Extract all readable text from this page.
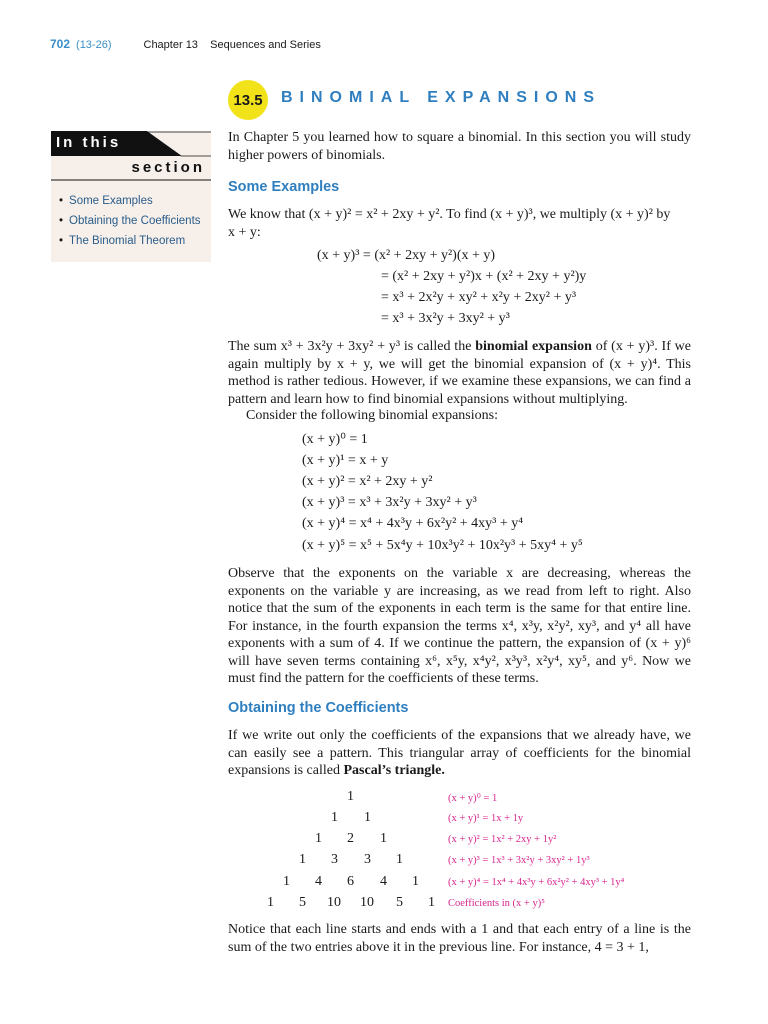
702 (13-26)	Chapter 13    Sequences and Series
13.5 BINOMIAL EXPANSIONS
In this
section
• Some Examples
• Obtaining the Coefficients
• The Binomial Theorem
In Chapter 5 you learned how to square a binomial. In this section you will study higher powers of binomials.
Some Examples
We know that (x + y)² = x² + 2xy + y². To find (x + y)³, we multiply (x + y)² by
x + y:
(x + y)³ = (x² + 2xy + y²)(x + y)
= (x² + 2xy + y²)x + (x² + 2xy + y²)y
= x³ + 2x²y + xy² + x²y + 2xy² + y³
= x³ + 3x²y + 3xy² + y³
The sum x³ + 3x²y + 3xy² + y³ is called the binomial expansion of (x + y)³. If we again multiply by x + y, we will get the binomial expansion of (x + y)⁴. This method is rather tedious. However, if we examine these expansions, we can find a pattern and learn how to find binomial expansions without multiplying.
Consider the following binomial expansions:
(x + y)⁰ = 1
(x + y)¹ = x + y
(x + y)² = x² + 2xy + y²
(x + y)³ = x³ + 3x²y + 3xy² + y³
(x + y)⁴ = x⁴ + 4x³y + 6x²y² + 4xy³ + y⁴
(x + y)⁵ = x⁵ + 5x⁴y + 10x³y² + 10x²y³ + 5xy⁴ + y⁵
Observe that the exponents on the variable x are decreasing, whereas the exponents on the variable y are increasing, as we read from left to right. Also notice that the sum of the exponents in each term is the same for that entire line. For instance, in the fourth expansion the terms x⁴, x³y, x²y², xy³, and y⁴ all have exponents with a sum of 4. If we continue the pattern, the expansion of (x + y)⁶ will have seven terms containing x⁶, x⁵y, x⁴y², x³y³, x²y⁴, xy⁵, and y⁶. Now we must find the pattern for the coefficients of these terms.
Obtaining the Coefficients
If we write out only the coefficients of the expansions that we already have, we can easily see a pattern. This triangular array of coefficients for the binomial expansions is called Pascal’s triangle.
1
1 1
1 2 1
1 3 3 1
1 4 6 4 1
1 5 10 10 5 1
(x + y)⁰ = 1
(x + y)¹ = 1x + 1y
(x + y)² = 1x² + 2xy + 1y²
(x + y)³ = 1x³ + 3x²y + 3xy² + 1y³
(x + y)⁴ = 1x⁴ + 4x³y + 6x²y² + 4xy³ + 1y⁴
Coefficients in (x + y)⁵
Notice that each line starts and ends with a 1 and that each entry of a line is the sum of the two entries above it in the previous line. For instance, 4 = 3 + 1,
